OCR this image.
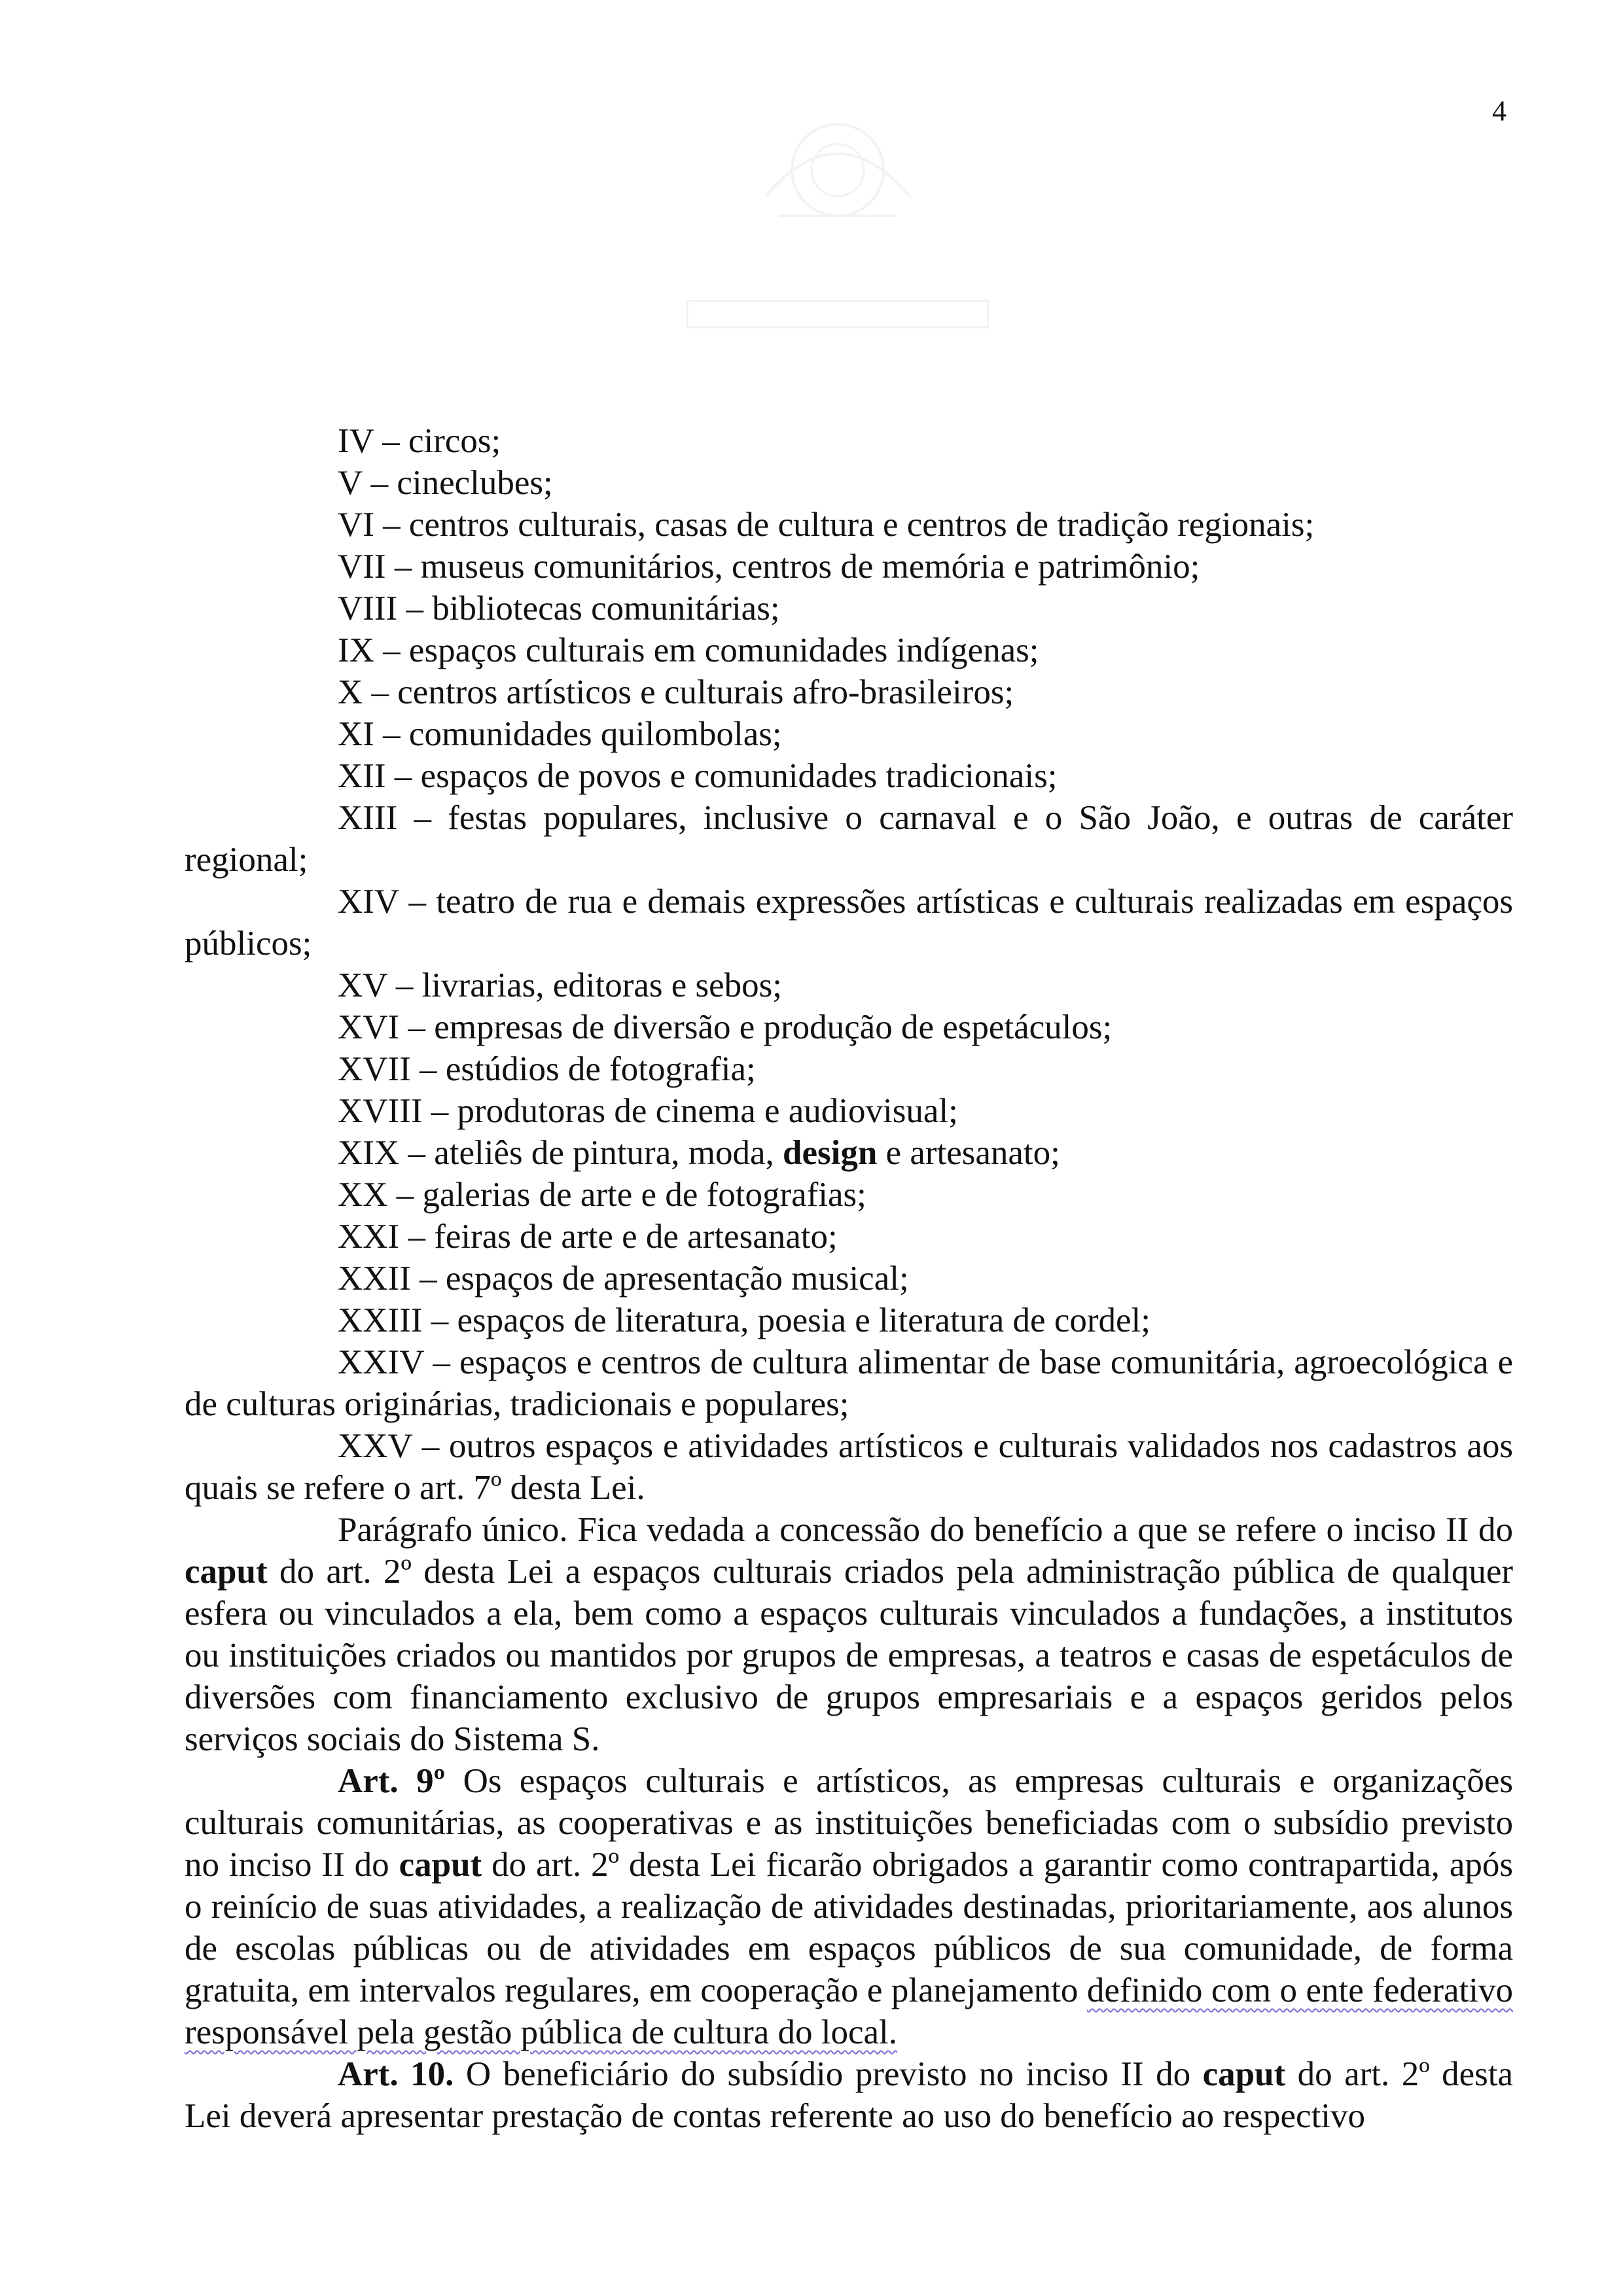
4

IV – circos;

V – cineclubes;

VI – centros culturais, casas de cultura e centros de tradição regionais;

VII – museus comunitários, centros de memória e patrimônio;

VIII – bibliotecas comunitárias;

IX – espaços culturais em comunidades indígenas;

X – centros artísticos e culturais afro-brasileiros;

XI – comunidades quilombolas;

XII – espaços de povos e comunidades tradicionais;

XIII – festas populares, inclusive o carnaval e o São João, e outras de caráter regional;

XIV – teatro de rua e demais expressões artísticas e culturais realizadas em espaços públicos;

XV – livrarias, editoras e sebos;

XVI – empresas de diversão e produção de espetáculos;

XVII – estúdios de fotografia;

XVIII – produtoras de cinema e audiovisual;

XIX – ateliês de pintura, moda, design e artesanato;

XX – galerias de arte e de fotografias;

XXI – feiras de arte e de artesanato;

XXII – espaços de apresentação musical;

XXIII – espaços de literatura, poesia e literatura de cordel;

XXIV – espaços e centros de cultura alimentar de base comunitária, agroecológica e de culturas originárias, tradicionais e populares;

XXV – outros espaços e atividades artísticos e culturais validados nos cadastros aos quais se refere o art. 7º desta Lei.

Parágrafo único. Fica vedada a concessão do benefício a que se refere o inciso II do caput do art. 2º desta Lei a espaços culturais criados pela administração pública de qualquer esfera ou vinculados a ela, bem como a espaços culturais vinculados a fundações, a institutos ou instituições criados ou mantidos por grupos de empresas, a teatros e casas de espetáculos de diversões com financiamento exclusivo de grupos empresariais e a espaços geridos pelos serviços sociais do Sistema S.

Art. 9º Os espaços culturais e artísticos, as empresas culturais e organizações culturais comunitárias, as cooperativas e as instituições beneficiadas com o subsídio previsto no inciso II do caput do art. 2º desta Lei ficarão obrigados a garantir como contrapartida, após o reinício de suas atividades, a realização de atividades destinadas, prioritariamente, aos alunos de escolas públicas ou de atividades em espaços públicos de sua comunidade, de forma gratuita, em intervalos regulares, em cooperação e planejamento definido com o ente federativo responsável pela gestão pública de cultura do local.

Art. 10. O beneficiário do subsídio previsto no inciso II do caput do art. 2º desta Lei deverá apresentar prestação de contas referente ao uso do benefício ao respectivo
